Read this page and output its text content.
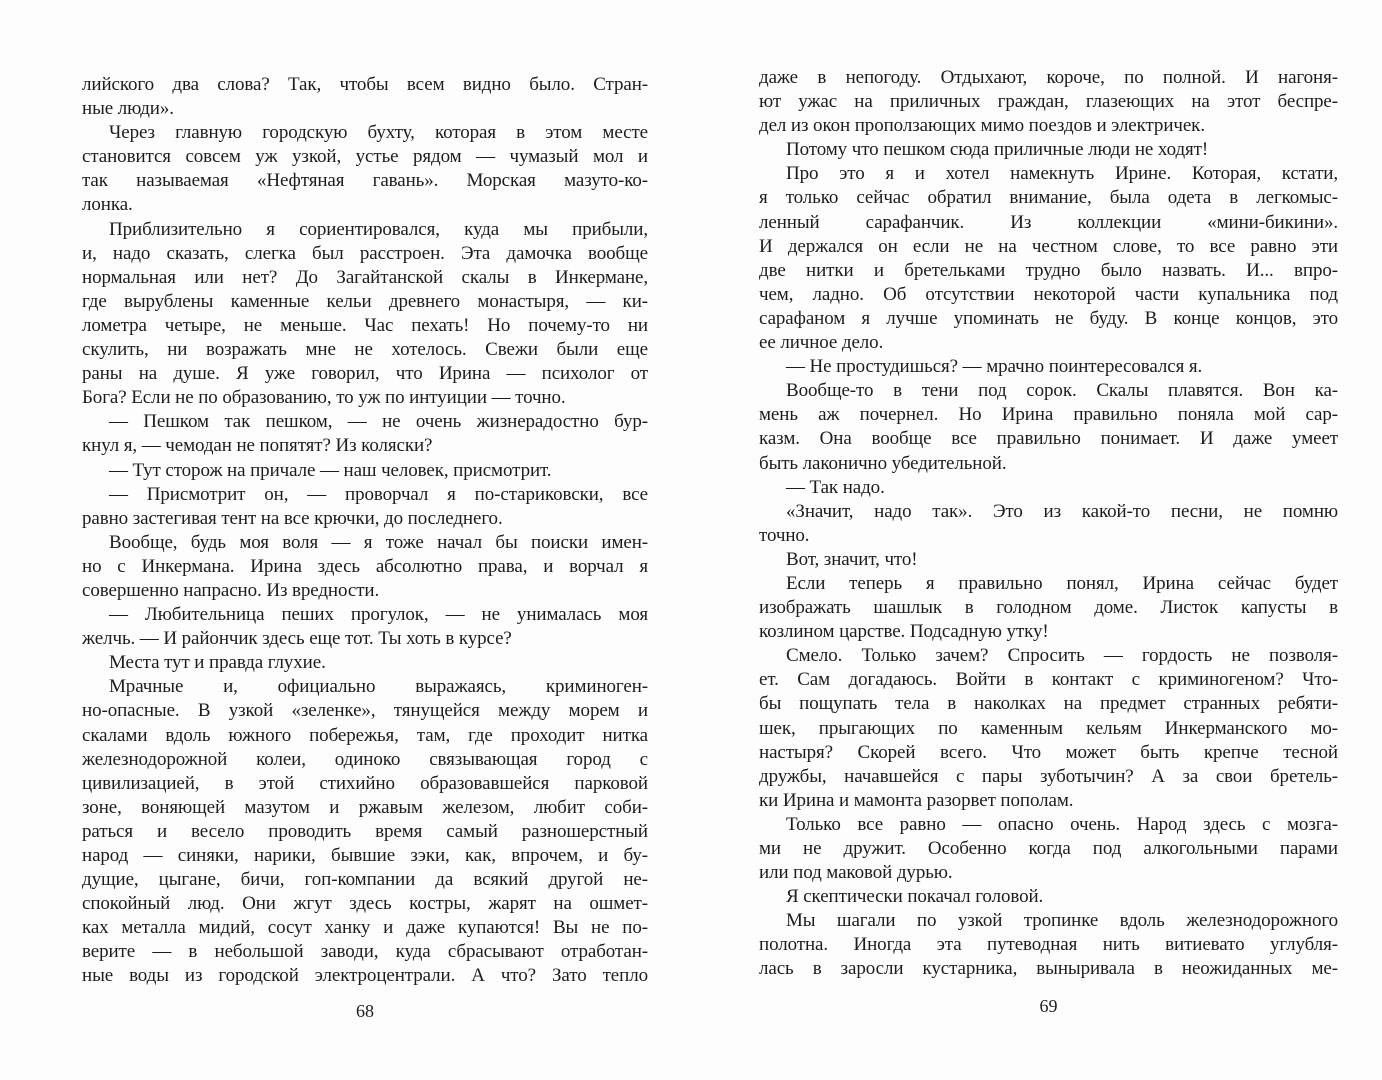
лийского два слова? Так, чтобы всем видно было. Стран-
ные люди».
Через главную городскую бухту, которая в этом месте
становится совсем уж узкой, устье рядом — чумазый мол и
так называемая «Нефтяная гавань». Морская мазуто-ко-
лонка.
Приблизительно я сориентировался, куда мы прибыли,
и, надо сказать, слегка был расстроен. Эта дамочка вообще
нормальная или нет? До Загайтанской скалы в Инкермане,
где вырублены каменные кельи древнего монастыря, — ки-
лометра четыре, не меньше. Час пехать! Но почему-то ни
скулить, ни возражать мне не хотелось. Свежи были еще
раны на душе. Я уже говорил, что Ирина — психолог от
Бога? Если не по образованию, то уж по интуиции — точно.
— Пешком так пешком, — не очень жизнерадостно бур-
кнул я, — чемодан не попятят? Из коляски?
— Тут сторож на причале — наш человек, присмотрит.
— Присмотрит он, — проворчал я по-стариковски, все
равно застегивая тент на все крючки, до последнего.
Вообще, будь моя воля — я тоже начал бы поиски имен-
но с Инкермана. Ирина здесь абсолютно права, и ворчал я
совершенно напрасно. Из вредности.
— Любительница пеших прогулок, — не унималась моя
желчь. — И райончик здесь еще тот. Ты хоть в курсе?
Места тут и правда глухие.
Мрачные и, официально выражаясь, криминоген-
но-опасные. В узкой «зеленке», тянущейся между морем и
скалами вдоль южного побережья, там, где проходит нитка
железнодорожной колеи, одиноко связывающая город с
цивилизацией, в этой стихийно образовавшейся парковой
зоне, воняющей мазутом и ржавым железом, любит соби-
раться и весело проводить время самый разношерстный
народ — синяки, нарики, бывшие зэки, как, впрочем, и бу-
дущие, цыгане, бичи, гоп-компании да всякий другой не-
спокойный люд. Они жгут здесь костры, жарят на ошмет-
ках металла мидий, сосут ханку и даже купаются! Вы не по-
верите — в небольшой заводи, куда сбрасывают отработан-
ные воды из городской электроцентрали. А что? Зато тепло
68
даже в непогоду. Отдыхают, короче, по полной. И нагоня-
ют ужас на приличных граждан, глазеющих на этот беспре-
дел из окон проползающих мимо поездов и электричек.
Потому что пешком сюда приличные люди не ходят!
Про это я и хотел намекнуть Ирине. Которая, кстати,
я только сейчас обратил внимание, была одета в легкомыс-
ленный сарафанчик. Из коллекции «мини-бикини».
И держался он если не на честном слове, то все равно эти
две нитки и бретельками трудно было назвать. И... впро-
чем, ладно. Об отсутствии некоторой части купальника под
сарафаном я лучше упоминать не буду. В конце концов, это
ее личное дело.
— Не простудишься? — мрачно поинтересовался я.
Вообще-то в тени под сорок. Скалы плавятся. Вон ка-
мень аж почернел. Но Ирина правильно поняла мой сар-
казм. Она вообще все правильно понимает. И даже умеет
быть лаконично убедительной.
— Так надо.
«Значит, надо так». Это из какой-то песни, не помню
точно.
Вот, значит, что!
Если теперь я правильно понял, Ирина сейчас будет
изображать шашлык в голодном доме. Листок капусты в
козлином царстве. Подсадную утку!
Смело. Только зачем? Спросить — гордость не позволя-
ет. Сам догадаюсь. Войти в контакт с криминогеном? Что-
бы пощупать тела в наколках на предмет странных ребяти-
шек, прыгающих по каменным кельям Инкерманского мо-
настыря? Скорей всего. Что может быть крепче тесной
дружбы, начавшейся с пары зуботычин? А за свои бретель-
ки Ирина и мамонта разорвет пополам.
Только все равно — опасно очень. Народ здесь с мозга-
ми не дружит. Особенно когда под алкогольными парами
или под маковой дурью.
Я скептически покачал головой.
Мы шагали по узкой тропинке вдоль железнодорожного
полотна. Иногда эта путеводная нить витиевато углубля-
лась в заросли кустарника, выныривала в неожиданных ме-
69
